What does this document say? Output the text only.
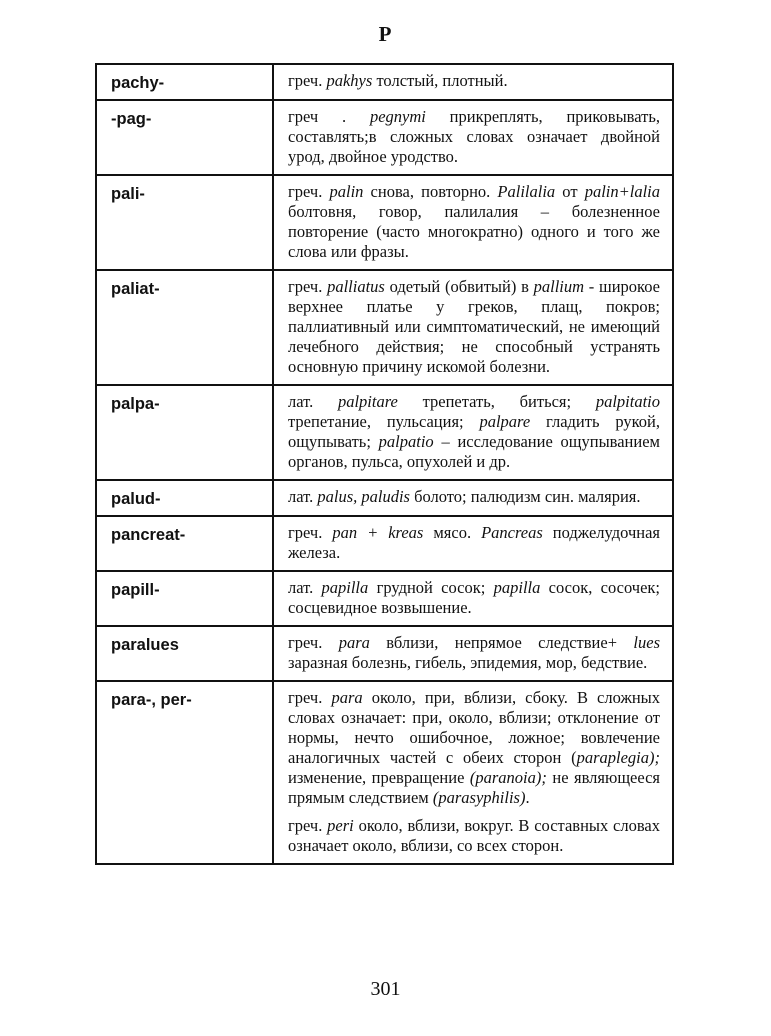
P
pachy-	греч. pakhys толстый, плотный.

-pag-	греч . pegnymi прикреплять, приковывать, составлять;в сложных словах означает двойной урод, двойное уродство.

pali-	греч. palin снова, повторно. Palilalia от palin+lalia болтовня, говор, палилалия – болезненное повторение (часто многократно) одного и того же слова или фразы.

paliat-	греч. palliatus одетый (обвитый) в pallium - широкое верхнее платье у греков, плащ, покров; паллиативный или симптоматический, не имеющий лечебного действия; не способный устранять основную причину искомой болезни.

palpa-	лат. palpitare трепетать, биться; palpitatio трепетание, пульсация; palpare гладить рукой, ощупывать; palpatio – исследование ощупыванием органов, пульса, опухолей и др.

palud-	лат. palus, paludis болото; палюдизм син. малярия.

pancreat-	греч. pan + kreas мясо. Pancreas поджелудочная железа.

papill-	лат. papilla грудной сосок; papilla сосок, сосочек; сосцевидное возвышение.

paralues	греч. para вблизи, непрямое следствие+ lues заразная болезнь, гибель, эпидемия, мор, бедствие.

para-, per-	греч. para около, при, вблизи, сбоку. В сложных словах означает: при, около, вблизи; отклонение от нормы, нечто ошибочное, ложное; вовлечение аналогичных частей с обеих сторон (paraplegia); изменение, превращение (paranoia); не являющееся прямым следствием (parasyphilis).
греч. peri около, вблизи, вокруг. В составных словах означает около, вблизи, со всех сторон.
301
